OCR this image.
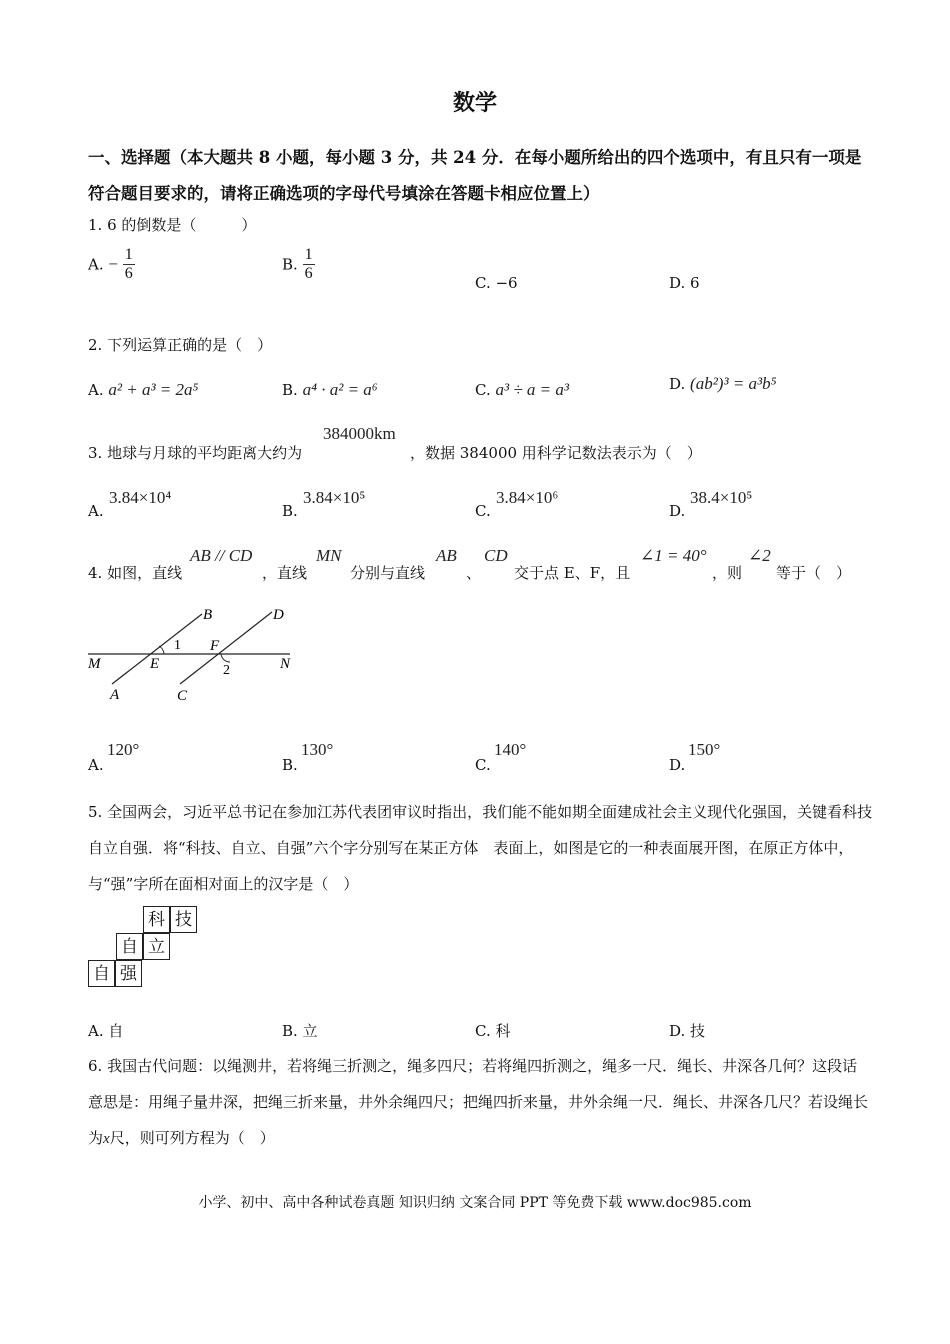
数学
一、选择题（本大题共 8 小题，每小题 3 分，共 24 分．在每小题所给出的四个选项中，有且只有一项是符合题目要求的，请将正确选项的字母代号填涂在答题卡相应位置上）
1. 6 的倒数是（　　　）
A. − $\frac{1}{6}$	B. $\frac{1}{6}$	C. −6	D. 6
2. 下列运算正确的是（　）
A. a² + a³ = 2a⁵	B. a⁴ · a² = a⁶	C. a³ ÷ a = a³	D. (ab²)³ = a³b⁵
3. 地球与月球的平均距离大约为
384000km
，数据 384000 用科学记数法表示为（　）
A.
3.84×10⁴
B.
3.84×10⁵
C.
3.84×10⁶
D.
38.4×10⁵
4. 如图，直线
AB // CD
，直线
MN
分别与直线
AB
、
CD
交于点 E、F，且
∠1 = 40°
，则
∠2
等于（　）
B	D
1 F
M	E	2	N
A	C
A.
120°
B.
130°
C.
140°
D.
150°
5. 全国两会，习近平总书记在参加江苏代表团审议时指出，我们能不能如期全面建成社会主义现代化强国，关键看科技自立自强．将“科技、自立、自强”六个字分别写在某正方体　表面上，如图是它的一种表面展开图，在原正方体中，与“强”字所在面相对面上的汉字是（　）
科 技
自 立
自 强
A. 自	B. 立	C. 科	D. 技
6. 我国古代问题：以绳测井，若将绳三折测之，绳多四尺；若将绳四折测之，绳多一尺．绳长、井深各几何？这段话　意思是：用绳子量井深，把绳三折来量，井外余绳四尺；把绳四折来量，井外余绳一尺．绳长、井深各几尺？若设绳长为x尺，则可列方程为（　）
小学、初中、高中各种试卷真题 知识归纳 文案合同 PPT 等免费下载 www.doc985.com
